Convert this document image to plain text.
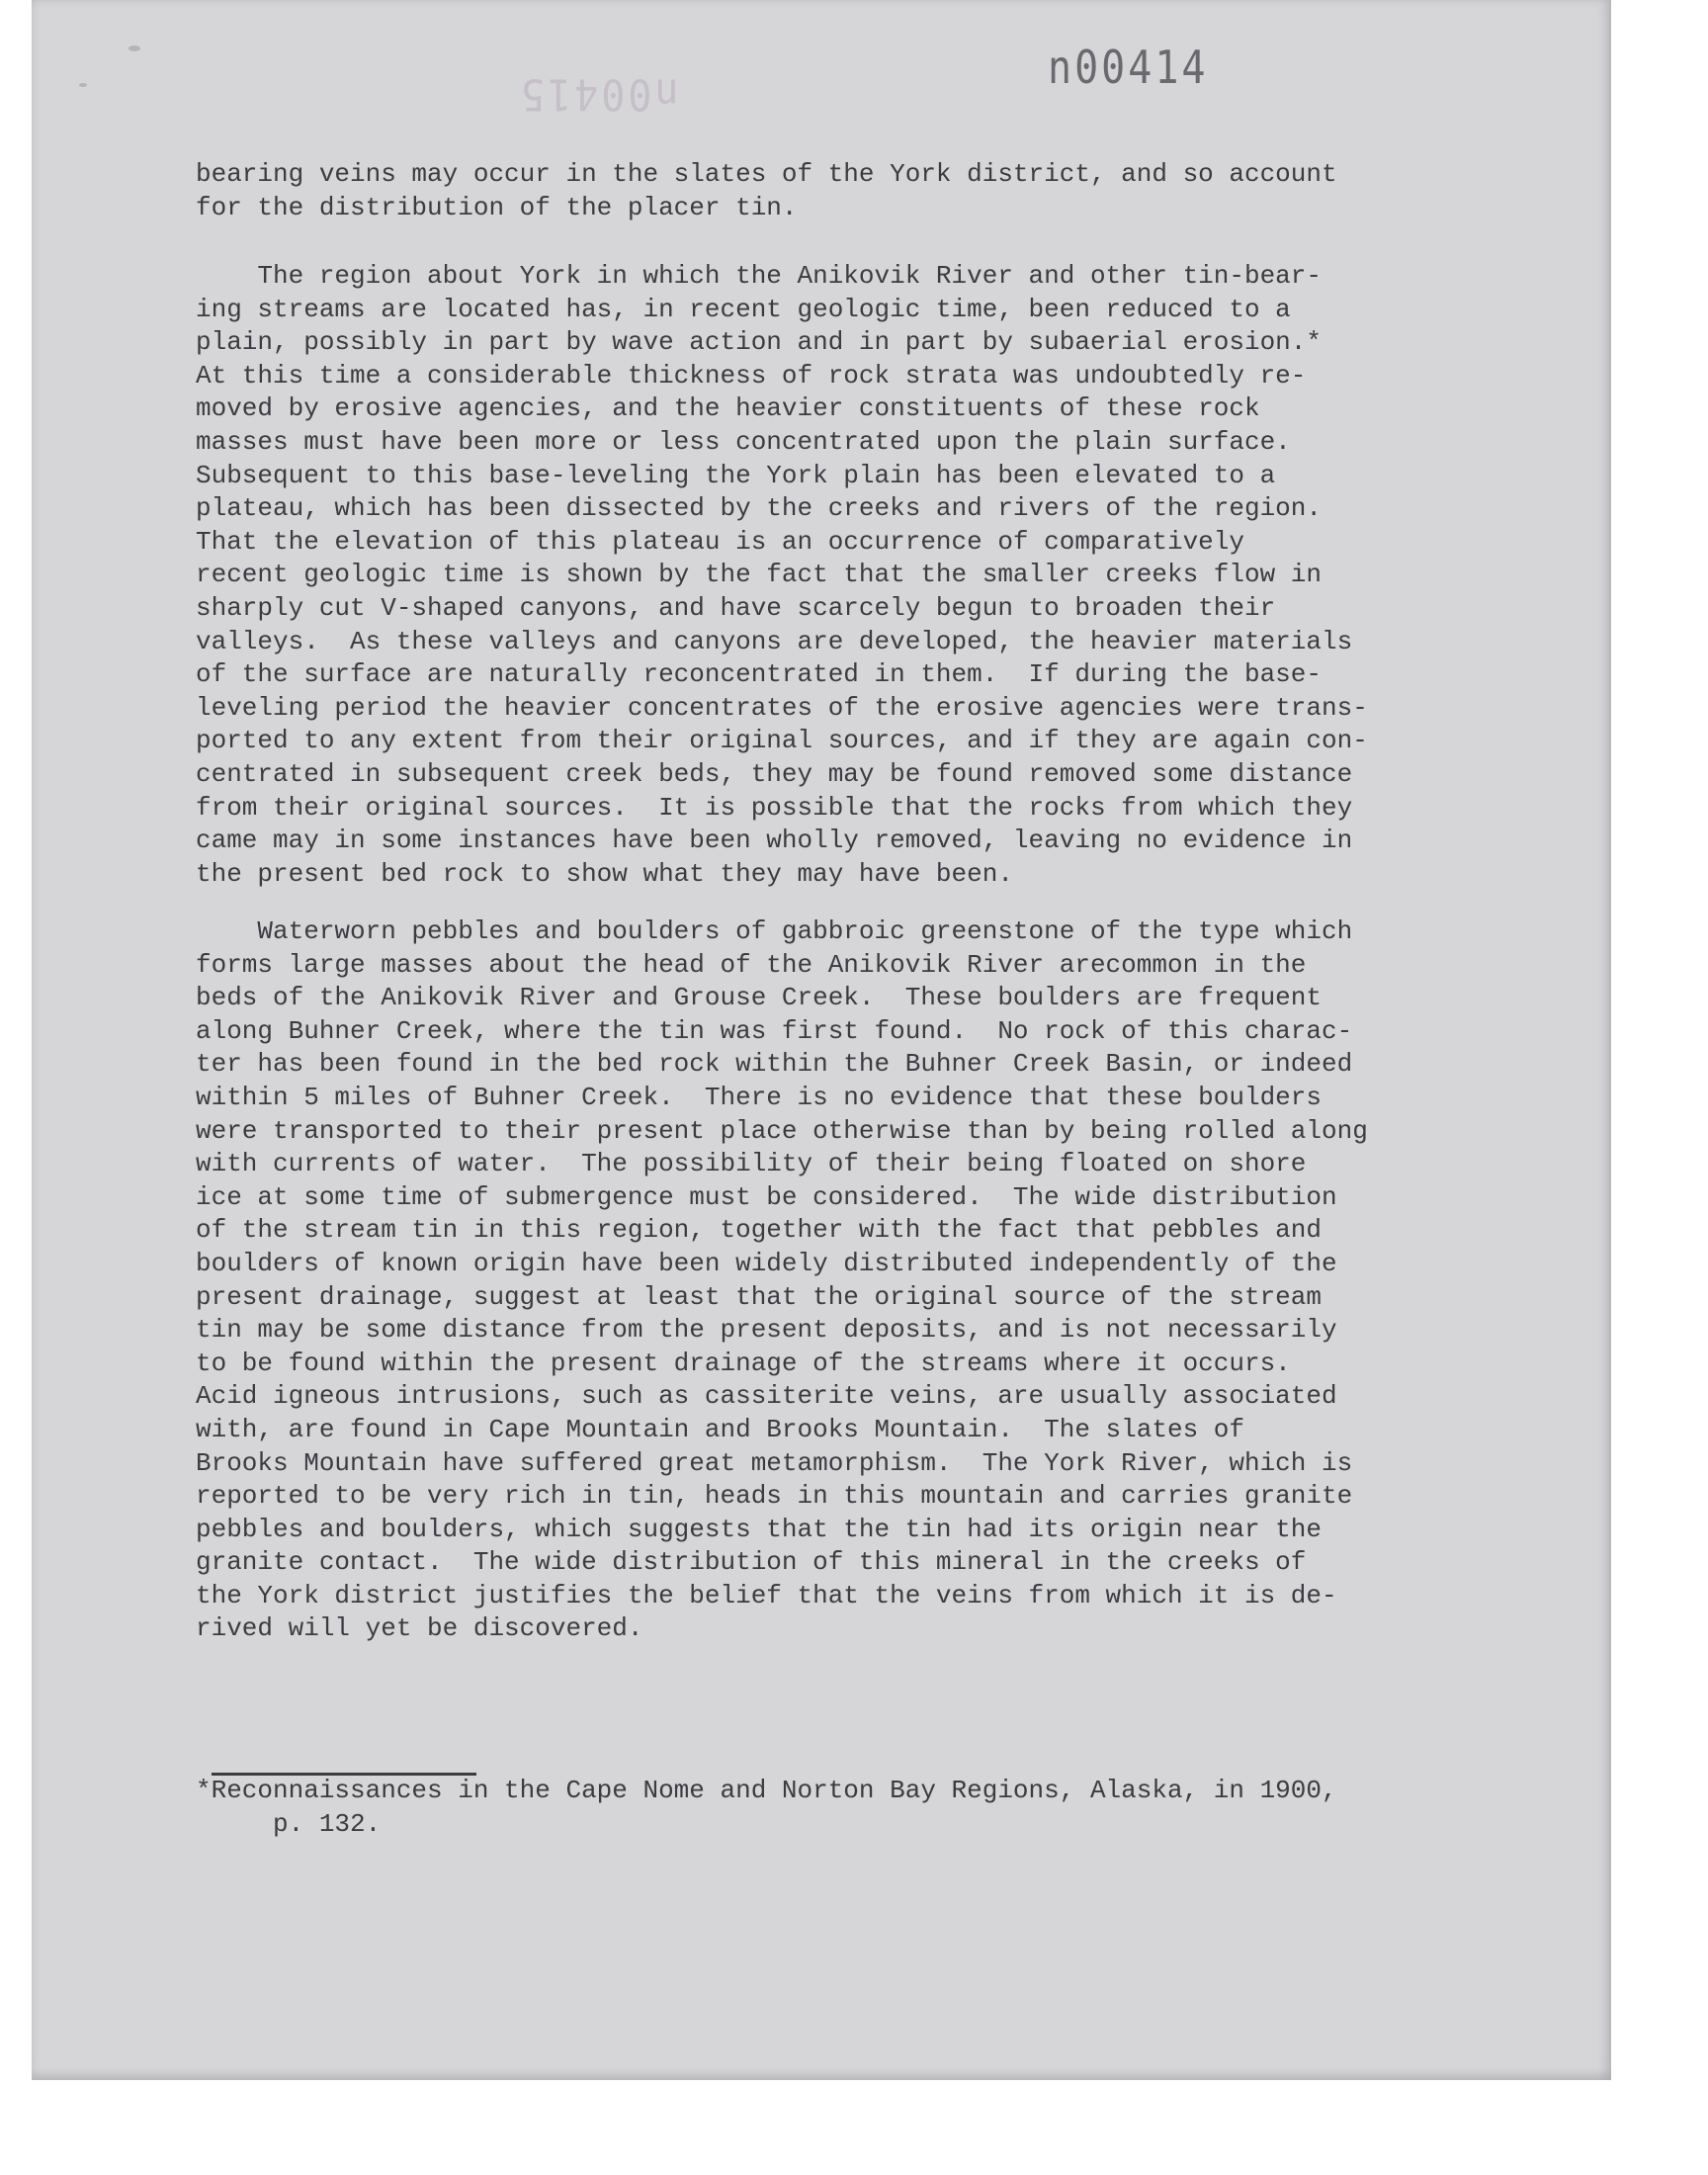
n00415	n00414
bearing veins may occur in the slates of the York district, and so account
for the distribution of the placer tin.
The region about York in which the Anikovik River and other tin-bear-
ing streams are located has, in recent geologic time, been reduced to a
plain, possibly in part by wave action and in part by subaerial erosion.*
At this time a considerable thickness of rock strata was undoubtedly re-
moved by erosive agencies, and the heavier constituents of these rock
masses must have been more or less concentrated upon the plain surface.
Subsequent to this base-leveling the York plain has been elevated to a
plateau, which has been dissected by the creeks and rivers of the region.
That the elevation of this plateau is an occurrence of comparatively
recent geologic time is shown by the fact that the smaller creeks flow in
sharply cut V-shaped canyons, and have scarcely begun to broaden their
valleys.  As these valleys and canyons are developed, the heavier materials
of the surface are naturally reconcentrated in them.  If during the base-
leveling period the heavier concentrates of the erosive agencies were trans-
ported to any extent from their original sources, and if they are again con-
centrated in subsequent creek beds, they may be found removed some distance
from their original sources.  It is possible that the rocks from which they
came may in some instances have been wholly removed, leaving no evidence in
the present bed rock to show what they may have been.
Waterworn pebbles and boulders of gabbroic greenstone of the type which
forms large masses about the head of the Anikovik River arecommon in the
beds of the Anikovik River and Grouse Creek.  These boulders are frequent
along Buhner Creek, where the tin was first found.  No rock of this charac-
ter has been found in the bed rock within the Buhner Creek Basin, or indeed
within 5 miles of Buhner Creek.  There is no evidence that these boulders
were transported to their present place otherwise than by being rolled along
with currents of water.  The possibility of their being floated on shore
ice at some time of submergence must be considered.  The wide distribution
of the stream tin in this region, together with the fact that pebbles and
boulders of known origin have been widely distributed independently of the
present drainage, suggest at least that the original source of the stream
tin may be some distance from the present deposits, and is not necessarily
to be found within the present drainage of the streams where it occurs.
Acid igneous intrusions, such as cassiterite veins, are usually associated
with, are found in Cape Mountain and Brooks Mountain.  The slates of
Brooks Mountain have suffered great metamorphism.  The York River, which is
reported to be very rich in tin, heads in this mountain and carries granite
pebbles and boulders, which suggests that the tin had its origin near the
granite contact.  The wide distribution of this mineral in the creeks of
the York district justifies the belief that the veins from which it is de-
rived will yet be discovered.
*Reconnaissances in the Cape Nome and Norton Bay Regions, Alaska, in 1900,
p. 132.
